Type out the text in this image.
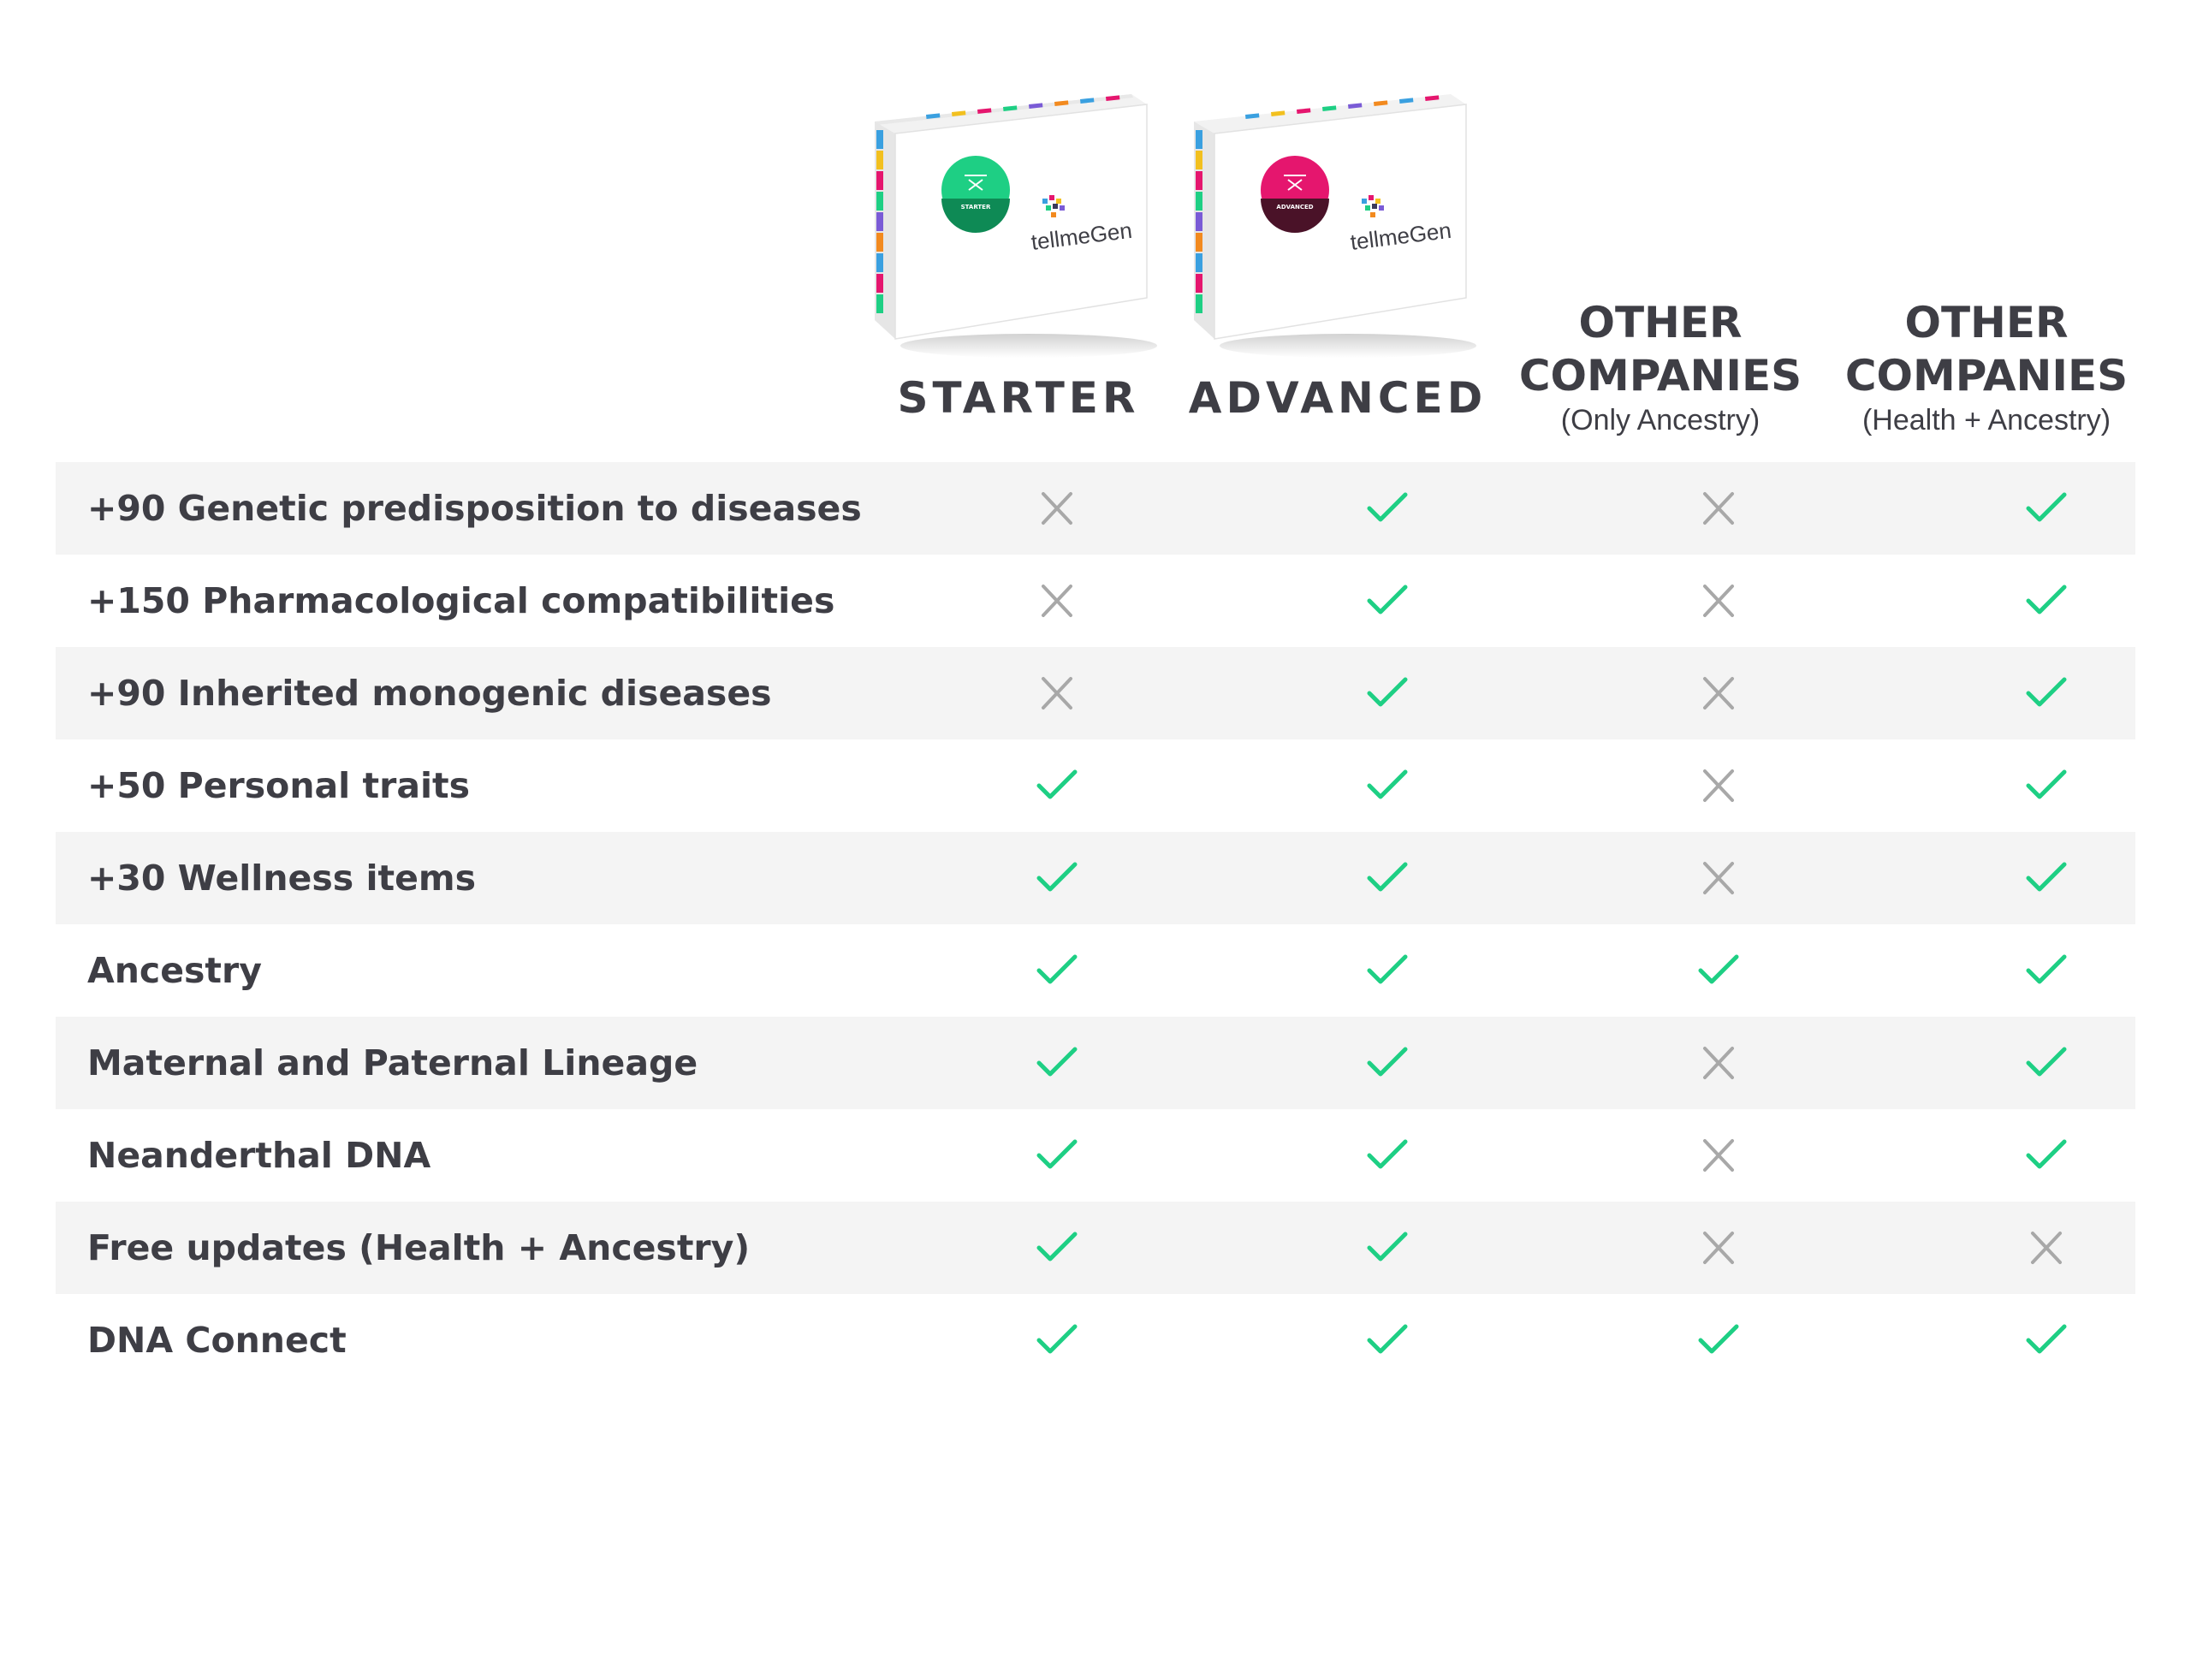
STARTER
tellmeGen
STARTER
ADVANCED
tellmeGen
ADVANCED
OTHER
COMPANIES
(Only Ancestry)
OTHER
COMPANIES
(Health + Ancestry)
+90 Genetic predisposition to diseases
+150 Pharmacological compatibilities
+90 Inherited monogenic diseases
+50 Personal traits
+30 Wellness items
Ancestry
Maternal and Paternal Lineage
Neanderthal DNA
Free updates (Health + Ancestry)
DNA Connect
